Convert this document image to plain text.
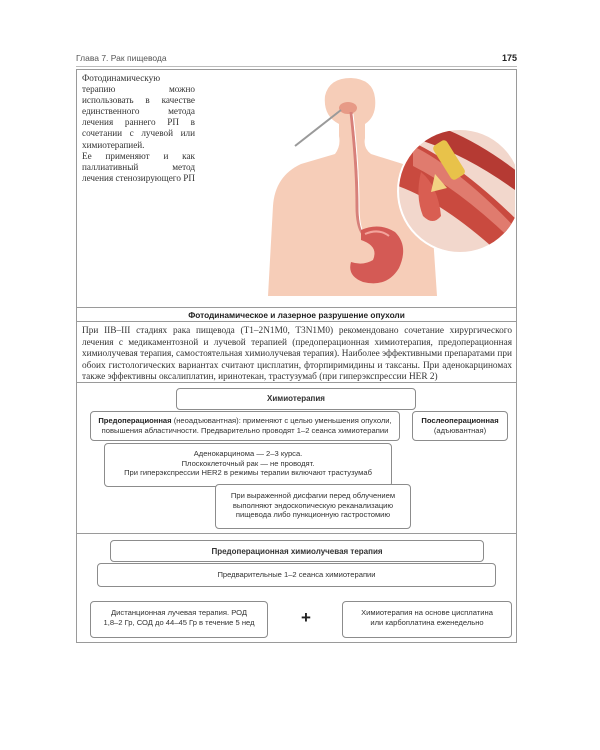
Глава 7. Рак пищевода	175

Фотодинамическую терапию можно использовать в качестве единственного метода лечения раннего РП в сочетании с лучевой или химиотерапией.

Ее применяют и как паллиативный метод лечения стенозирующего РП

Фотодинамическое и лазерное разрушение опухоли
При IIB–III стадиях рака пищевода (T1–2N1M0, T3N1M0) рекомендовано сочетание хирургического лечения с медикаментозной и лучевой терапией (предоперационная химиотерапия, предоперационная химиолучевая терапия, самостоятельная химиолучевая терапия). Наиболее эффективными препаратами при обоих гистологических вариантах считают цисплатин, фторпиримидины и таксаны. При аденокарциномах также эффективны оксалиплатин, иринотекан, трастузумаб (при гиперэкспрессии HER 2)
Химиотерапия
Предоперационная (неоадъювантная): применяют с целью уменьшения опухоли,
повышения абластичности. Предварительно проводят 1–2 сеанса химиотерапии
Послеоперационная
(адъювантная)
Аденокарцинома — 2–3 курса.
Плоскоклеточный рак — не проводят.
При гиперэкспрессии HER2 в режимы терапии включают трастузумаб
При выраженной дисфагии перед облучением
выполняют эндоскопическую реканализацию
пищевода либо пункционную гастростомию
Предоперационная химиолучевая терапия
Предварительные 1–2 сеанса химиотерапии
Дистанционная лучевая терапия. РОД
1,8–2 Гр, СОД до 44–45 Гр в течение 5 нед	+	Химиотерапия на основе цисплатина
или карбоплатина еженедельно
